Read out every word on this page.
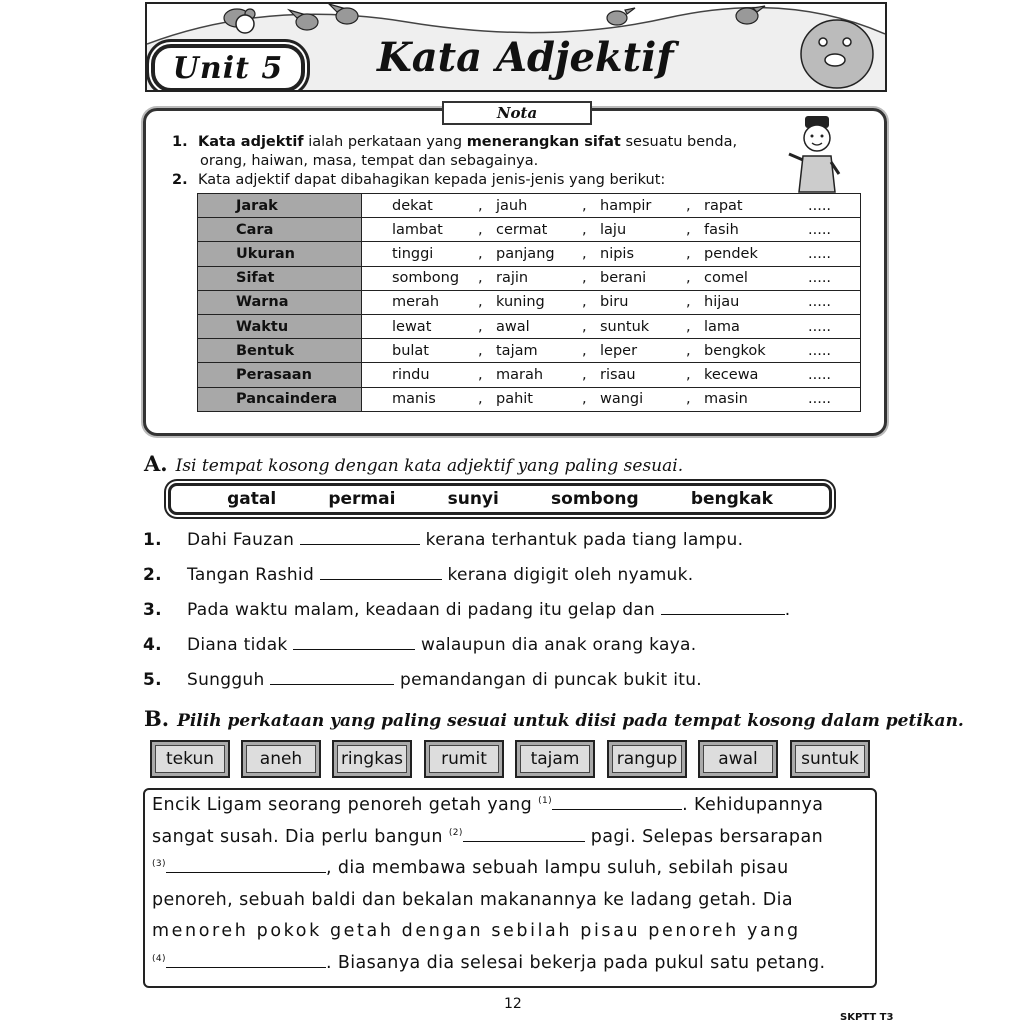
Unit 5	Kata Adjektif
Nota
1. Kata adjektif ialah perkataan yang menerangkan sifat sesuatu benda,
orang, haiwan, masa, tempat dan sebagainya.
2. Kata adjektif dapat dibahagikan kepada jenis-jenis yang berikut:
Jarak	dekat , jauh , hampir , rapat .....
Cara	lambat , cermat , laju , fasih .....
Ukuran	tinggi , panjang , nipis , pendek .....
Sifat	sombong , rajin , berani , comel .....
Warna	merah , kuning , biru , hijau .....
Waktu	lewat , awal , suntuk , lama .....
Bentuk	bulat , tajam , leper , bengkok .....
Perasaan	rindu , marah , risau , kecewa .....
Pancaindera	manis , pahit , wangi , masin .....
A. Isi tempat kosong dengan kata adjektif yang paling sesuai.
gatal	permai	sunyi	sombong	bengkak
1. Dahi Fauzan	kerana terhantuk pada tiang lampu.
2. Tangan Rashid	kerana digigit oleh nyamuk.
3. Pada waktu malam, keadaan di padang itu gelap dan	.
4. Diana tidak	walaupun dia anak orang kaya.
5. Sungguh	pemandangan di puncak bukit itu.
B. Pilih perkataan yang paling sesuai untuk diisi pada tempat kosong dalam petikan.
tekun	aneh	ringkas	rumit	tajam	rangup	awal	suntuk
Encik Ligam seorang penoreh getah yang $^{(1)}$	. Kehidupannya
sangat susah. Dia perlu bangun $^{(2)}$	pagi. Selepas bersarapan
$^{(3)}$	, dia membawa sebuah lampu suluh, sebilah pisau
penoreh, sebuah baldi dan bekalan makanannya ke ladang getah. Dia
menoreh pokok getah dengan sebilah pisau penoreh yang
$^{(4)}$	. Biasanya dia selesai bekerja pada pukul satu petang.
12
SKPTT T3
